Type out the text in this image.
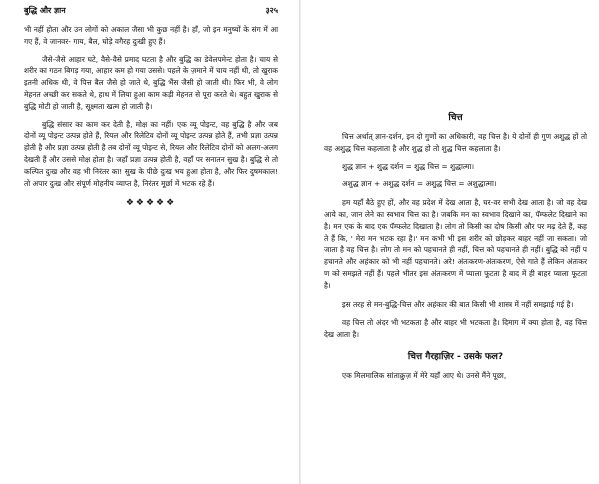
बुद्धि और ज्ञान	३२५

भी नहीं होता और उन लोगों को अकाल जैसा भी कुछ नहीं है। हाँ, जो इन मनुष्यों के संग में आ गए हैं, वे जानवर- गाय, बैल, घोड़े वगैरह दुःखी हुए हैं।

जैसे-जैसे आहार घटे, वैसे-वैसे प्रमाद घटता है और बुद्धि का डेवेलपमेन्ट होता है। चाय से शरीर का गठन बिगड़ गया, आहार कम हो गया उससे। पहले के ज़माने में चाय नहीं थी, तो खुराक इतनी अधिक थी, वे पित्त बैल जैसे हो जाते थे, बुद्धि भैंस जैसी हो जाती थी। फिर भी, वे लोग मेहनत अच्छी कर सकते थे, हाथ में लिया हुआ काम कड़ी मेहनत से पूरा करते थे। बहुत खुराक से बुद्धि मोटी हो जाती है, सूक्ष्मता खत्म हो जाती है।

बुद्धि संसार का काम कर देती है, मोक्ष का नहीं। एक व्यू पोइन्ट, वह बुद्धि है और जब दोनों व्यू पोइन्ट उत्पन्न होते हैं, रियल और रिलेटिव दोनों व्यू पोइन्ट उत्पन्न होते हैं, तभी प्रज्ञा उत्पन्न होती है और प्रज्ञा उत्पन्न होती है तब दोनों व्यू पोइन्ट से, रियल और रिलेटिव दोनों को अलग-अलग देखती हैं और उससे मोक्ष होता है। जहाँ प्रज्ञा उत्पन्न होती है, वहाँ पर सनातन सुख है। बुद्धि से तो कल्पित दुःख और वह भी निरंतर का! सुख के पीछे दुःख भय हुआ होता है, और फिर दुषमकाल! तो अपार दुःख और संपूर्ण मोहनीय व्याप्त है, निरंतर मूर्छा में भटक रहे हैं।

❖❖❖❖❖
चित्त

चित्त अर्थात् ज्ञान-दर्शन, इन दो गुणों का अधिकारी, वह चित्त है। ये दोनों ही गुण अशुद्ध हों तो वह अशुद्ध चित्त कहलाता है और शुद्ध हो तो शुद्ध चित्त कहलाता है।

शुद्ध ज्ञान + शुद्ध दर्शन = शुद्ध चित्त = शुद्धात्मा।
अशुद्ध ज्ञान + अशुद्ध दर्शन = अशुद्ध चित्त = अशुद्धात्मा।

हम यहाँ बैठे हुए हों, और वह प्रदेश में देख आता है, घर-वर सभी देख आता है। जो वह देख आये का, जान लेने का स्वभाव चित्त का है। जबकि मन का स्वभाव दिखाने का, पॅम्फलेट दिखाने का है। मन एक के बाद एक पॅम्फलेट दिखाता है। लोग तो किसी का दोष किसी और पर मढ़ देते हैं, कहते हैं कि, ' मेरा मन भटक रहा है।' मन कभी भी इस शरीर को छोड़कर बाहर नहीं जा सकता। जो जाता है वह चित्त है। लोग तो मन को पहचानते ही नहीं, चित्त को पहचानते ही नहीं। बुद्धि को नहीं पहचानते और अहंकार को भी नहीं पहचानते। अरे! अंतःकरण-अंतःकरण, ऐसे गाते हैं लेकिन अंतःकरण को समझते नहीं हैं। पहले भीतर इस अंतःकरण में प्याला फूटता है बाद में ही बाहर प्याला फूटता है।

इस तरह से मन-बुद्धि-चित्त और अहंकार की बात किसी भी शास्त्र में नहीं समझाई गई है।

वह चित्त तो अंदर भी भटकता है और बाहर भी भटकता है। दिमाग में क्या होता है, वह चित्त देख आता है।

चित्त गैरहाज़िर - उसके फल?

एक मिलमालिक सांताक्रुज़ में मेरे यहाँ आए थे। उनसे मैंने पूछा,
